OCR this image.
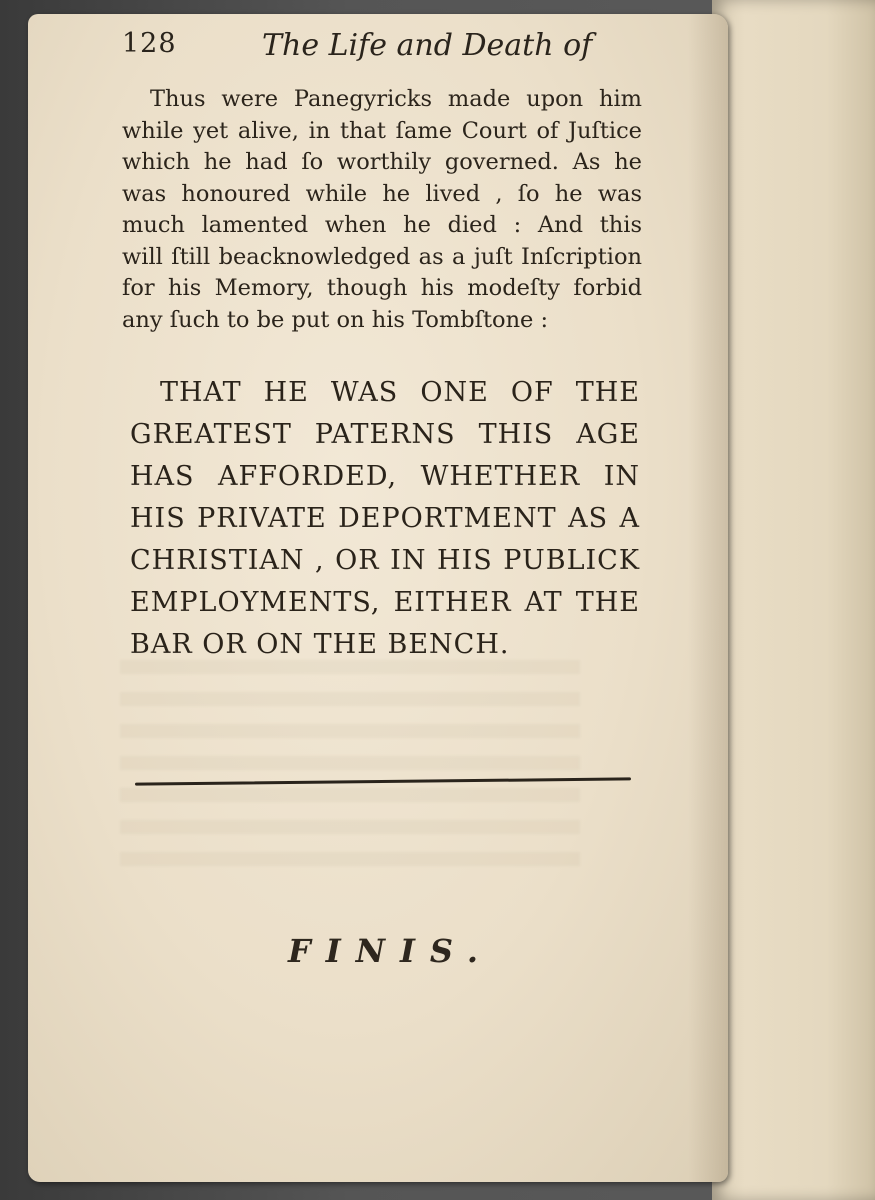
128	The Life and Death of
Thus were Panegyricks made upon him
while yet alive, in that ſame Court of Juſtice
which he had ſo worthily governed. As he
was honoured while he lived , ſo he was
much lamented when he died : And this
will ſtill beacknowledged as a juſt Inſcription
for his Memory, though his modeſty forbid
any ſuch to be put on his Tombſtone :
THAT HE WAS ONE OF THE
GREATEST PATERNS THIS AGE
HAS AFFORDED, WHETHER IN
HIS PRIVATE DEPORTMENT AS A
CHRISTIAN , OR IN HIS PUBLICK
EMPLOYMENTS, EITHER AT THE
BAR OR ON THE BENCH.
FINIS.
